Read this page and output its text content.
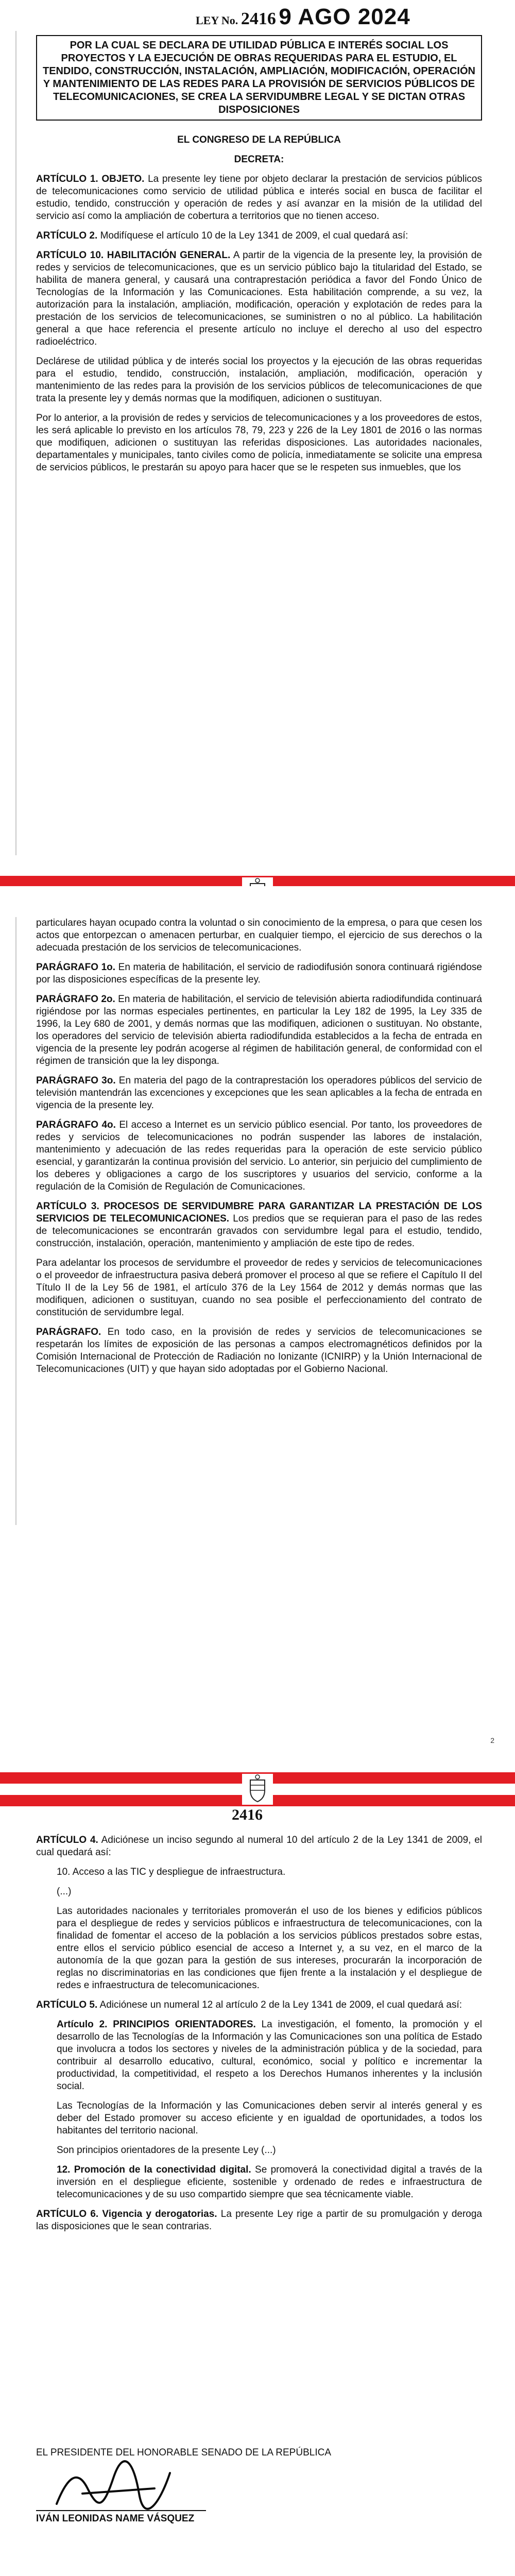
LEY No. 2416 9 AGO 2024
POR LA CUAL SE DECLARA DE UTILIDAD PÚBLICA E INTERÉS SOCIAL LOS PROYECTOS Y LA EJECUCIÓN DE OBRAS REQUERIDAS PARA EL ESTUDIO, EL TENDIDO, CONSTRUCCIÓN, INSTALACIÓN, AMPLIACIÓN, MODIFICACIÓN, OPERACIÓN Y MANTENIMIENTO DE LAS REDES PARA LA PROVISIÓN DE SERVICIOS PÚBLICOS DE TELECOMUNICACIONES, SE CREA LA SERVIDUMBRE LEGAL Y SE DICTAN OTRAS DISPOSICIONES

EL CONGRESO DE LA REPÚBLICA

DECRETA:

ARTÍCULO 1. OBJETO. La presente ley tiene por objeto declarar la prestación de servicios públicos de telecomunicaciones como servicio de utilidad pública e interés social en busca de facilitar el estudio, tendido, construcción y operación de redes y así avanzar en la misión de la utilidad del servicio así como la ampliación de cobertura a territorios que no tienen acceso.

ARTÍCULO 2. Modifíquese el artículo 10 de la Ley 1341 de 2009, el cual quedará así:

ARTÍCULO 10. HABILITACIÓN GENERAL. A partir de la vigencia de la presente ley, la provisión de redes y servicios de telecomunicaciones, que es un servicio público bajo la titularidad del Estado, se habilita de manera general, y causará una contraprestación periódica a favor del Fondo Único de Tecnologías de la Información y las Comunicaciones. Esta habilitación comprende, a su vez, la autorización para la instalación, ampliación, modificación, operación y explotación de redes para la prestación de los servicios de telecomunicaciones, se suministren o no al público. La habilitación general a que hace referencia el presente artículo no incluye el derecho al uso del espectro radioeléctrico.

Declárese de utilidad pública y de interés social los proyectos y la ejecución de las obras requeridas para el estudio, tendido, construcción, instalación, ampliación, modificación, operación y mantenimiento de las redes para la provisión de los servicios públicos de telecomunicaciones de que trata la presente ley y demás normas que la modifiquen, adicionen o sustituyan.

Por lo anterior, a la provisión de redes y servicios de telecomunicaciones y a los proveedores de estos, les será aplicable lo previsto en los artículos 78, 79, 223 y 226 de la Ley 1801 de 2016 o las normas que modifiquen, adicionen o sustituyan las referidas disposiciones. Las autoridades nacionales, departamentales y municipales, tanto civiles como de policía, inmediatamente se solicite una empresa de servicios públicos, le prestarán su apoyo para hacer que se le respeten sus inmuebles, que los

particulares hayan ocupado contra la voluntad o sin conocimiento de la empresa, o para que cesen los actos que entorpezcan o amenacen perturbar, en cualquier tiempo, el ejercicio de sus derechos o la adecuada prestación de los servicios de telecomunicaciones.

PARÁGRAFO 1o. En materia de habilitación, el servicio de radiodifusión sonora continuará rigiéndose por las disposiciones específicas de la presente ley.

PARÁGRAFO 2o. En materia de habilitación, el servicio de televisión abierta radiodifundida continuará rigiéndose por las normas especiales pertinentes, en particular la Ley 182 de 1995, la Ley 335 de 1996, la Ley 680 de 2001, y demás normas que las modifiquen, adicionen o sustituyan. No obstante, los operadores del servicio de televisión abierta radiodifundida establecidos a la fecha de entrada en vigencia de la presente ley podrán acogerse al régimen de habilitación general, de conformidad con el régimen de transición que la ley disponga.

PARÁGRAFO 3o. En materia del pago de la contraprestación los operadores públicos del servicio de televisión mantendrán las excenciones y excepciones que les sean aplicables a la fecha de entrada en vigencia de la presente ley.

PARÁGRAFO 4o. El acceso a Internet es un servicio público esencial. Por tanto, los proveedores de redes y servicios de telecomunicaciones no podrán suspender las labores de instalación, mantenimiento y adecuación de las redes requeridas para la operación de este servicio público esencial, y garantizarán la continua provisión del servicio. Lo anterior, sin perjuicio del cumplimiento de los deberes y obligaciones a cargo de los suscriptores y usuarios del servicio, conforme a la regulación de la Comisión de Regulación de Comunicaciones.

ARTÍCULO 3. PROCESOS DE SERVIDUMBRE PARA GARANTIZAR LA PRESTACIÓN DE LOS SERVICIOS DE TELECOMUNICACIONES. Los predios que se requieran para el paso de las redes de telecomunicaciones se encontrarán gravados con servidumbre legal para el estudio, tendido, construcción, instalación, operación, mantenimiento y ampliación de este tipo de redes.

Para adelantar los procesos de servidumbre el proveedor de redes y servicios de telecomunicaciones o el proveedor de infraestructura pasiva deberá promover el proceso al que se refiere el Capítulo II del Título II de la Ley 56 de 1981, el artículo 376 de la Ley 1564 de 2012 y demás normas que las modifiquen, adicionen o sustituyan, cuando no sea posible el perfeccionamiento del contrato de constitución de servidumbre legal.

PARÁGRAFO. En todo caso, en la provisión de redes y servicios de telecomunicaciones se respetarán los límites de exposición de las personas a campos electromagnéticos definidos por la Comisión Internacional de Protección de Radiación no Ionizante (ICNIRP) y la Unión Internacional de Telecomunicaciones (UIT) y que hayan sido adoptadas por el Gobierno Nacional.

2
2416

ARTÍCULO 4. Adiciónese un inciso segundo al numeral 10 del artículo 2 de la Ley 1341 de 2009, el cual quedará así:

10. Acceso a las TIC y despliegue de infraestructura.

(...)

Las autoridades nacionales y territoriales promoverán el uso de los bienes y edificios públicos para el despliegue de redes y servicios públicos e infraestructura de telecomunicaciones, con la finalidad de fomentar el acceso de la población a los servicios públicos prestados sobre estas, entre ellos el servicio público esencial de acceso a Internet y, a su vez, en el marco de la autonomía de la que gozan para la gestión de sus intereses, procurarán la incorporación de reglas no discriminatorias en las condiciones que fijen frente a la instalación y el despliegue de redes e infraestructura de telecomunicaciones.

ARTÍCULO 5. Adiciónese un numeral 12 al artículo 2 de la Ley 1341 de 2009, el cual quedará así:

Artículo 2. PRINCIPIOS ORIENTADORES. La investigación, el fomento, la promoción y el desarrollo de las Tecnologías de la Información y las Comunicaciones son una política de Estado que involucra a todos los sectores y niveles de la administración pública y de la sociedad, para contribuir al desarrollo educativo, cultural, económico, social y político e incrementar la productividad, la competitividad, el respeto a los Derechos Humanos inherentes y la inclusión social.

Las Tecnologías de la Información y las Comunicaciones deben servir al interés general y es deber del Estado promover su acceso eficiente y en igualdad de oportunidades, a todos los habitantes del territorio nacional.

Son principios orientadores de la presente Ley (...)

12. Promoción de la conectividad digital. Se promoverá la conectividad digital a través de la inversión en el despliegue eficiente, sostenible y ordenado de redes e infraestructura de telecomunicaciones y de su uso compartido siempre que sea técnicamente viable.

ARTÍCULO 6. Vigencia y derogatorias. La presente Ley rige a partir de su promulgación y deroga las disposiciones que le sean contrarias.

EL PRESIDENTE DEL HONORABLE SENADO DE LA REPÚBLICA
IVÁN LEONIDAS NAME VÁSQUEZ
